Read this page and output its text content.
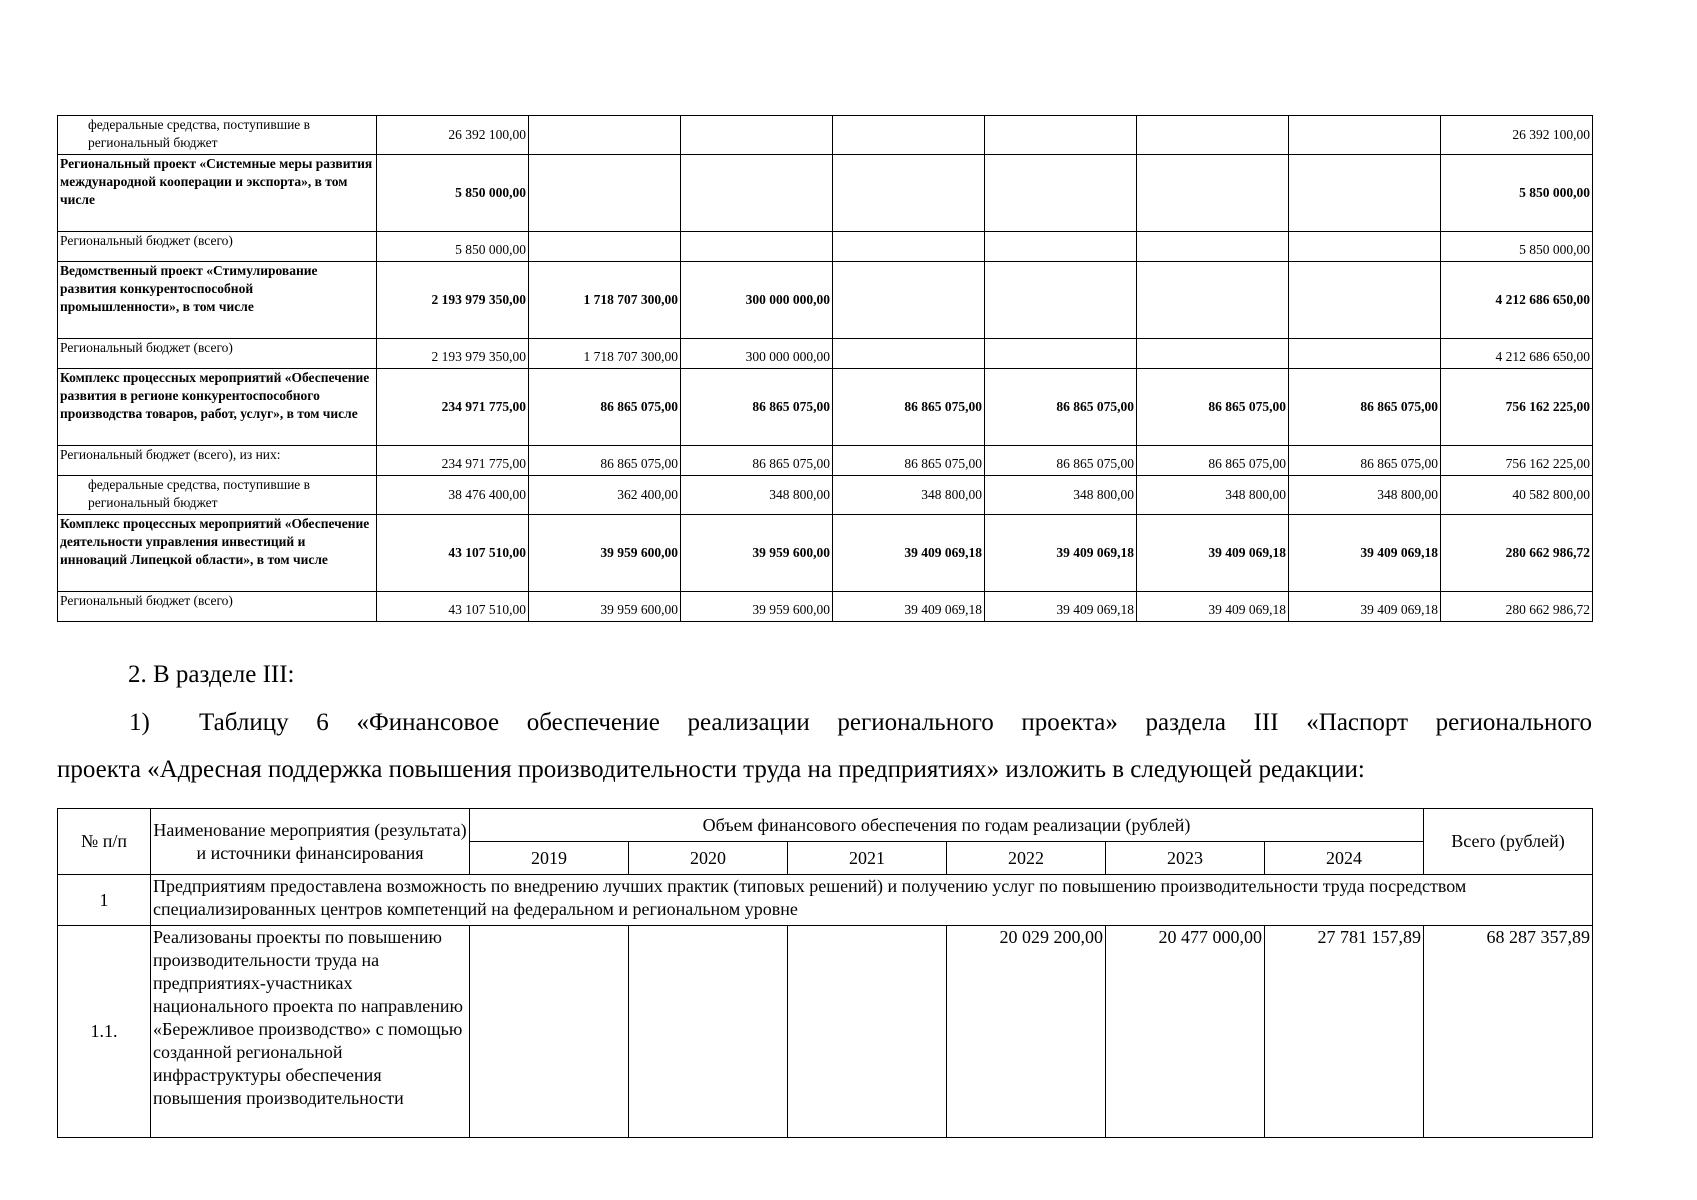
федеральные средства, поступившие в региональный бюджет	26 392 100,00							26 392 100,00
Региональный проект «Системные меры развития международной кооперации и экспорта», в том числе	5 850 000,00							5 850 000,00
Региональный бюджет (всего)	5 850 000,00							5 850 000,00
Ведомственный проект «Стимулирование развития конкурентоспособной промышленности», в том числе	2 193 979 350,00	1 718 707 300,00	300 000 000,00					4 212 686 650,00
Региональный бюджет (всего)	2 193 979 350,00	1 718 707 300,00	300 000 000,00					4 212 686 650,00
Комплекс процессных мероприятий «Обеспечение развития в регионе конкурентоспособного производства товаров, работ, услуг», в том числе	234 971 775,00	86 865 075,00	86 865 075,00	86 865 075,00	86 865 075,00	86 865 075,00	86 865 075,00	756 162 225,00
Региональный бюджет (всего), из них:	234 971 775,00	86 865 075,00	86 865 075,00	86 865 075,00	86 865 075,00	86 865 075,00	86 865 075,00	756 162 225,00
федеральные средства, поступившие в региональный бюджет	38 476 400,00	362 400,00	348 800,00	348 800,00	348 800,00	348 800,00	348 800,00	40 582 800,00
Комплекс процессных мероприятий «Обеспечение деятельности управления инвестиций и инноваций Липецкой области», в том числе	43 107 510,00	39 959 600,00	39 959 600,00	39 409 069,18	39 409 069,18	39 409 069,18	39 409 069,18	280 662 986,72
Региональный бюджет (всего)	43 107 510,00	39 959 600,00	39 959 600,00	39 409 069,18	39 409 069,18	39 409 069,18	39 409 069,18	280 662 986,72
2. В разделе III:
1) Таблицу 6 «Финансовое обеспечение реализации регионального проекта» раздела III «Паспорт регионального
проекта «Адресная поддержка повышения производительности труда на предприятиях» изложить в следующей редакции:
№ п/п	Наименование мероприятия (результата) и источники финансирования	Объем финансового обеспечения по годам реализации (рублей)						Всего (рублей)
		2019	2020	2021	2022	2023	2024	
1	Предприятиям предоставлена возможность по внедрению лучших практик (типовых решений) и получению услуг по повышению производительности труда посредством специализированных центров компетенций на федеральном и региональном уровне							
1.1.	Реализованы проекты по повышению производительности труда на предприятиях-участниках национального проекта по направлению «Бережливое производство» с помощью созданной региональной инфраструктуры обеспечения повышения производительности				20 029 200,00	20 477 000,00	27 781 157,89	68 287 357,89
